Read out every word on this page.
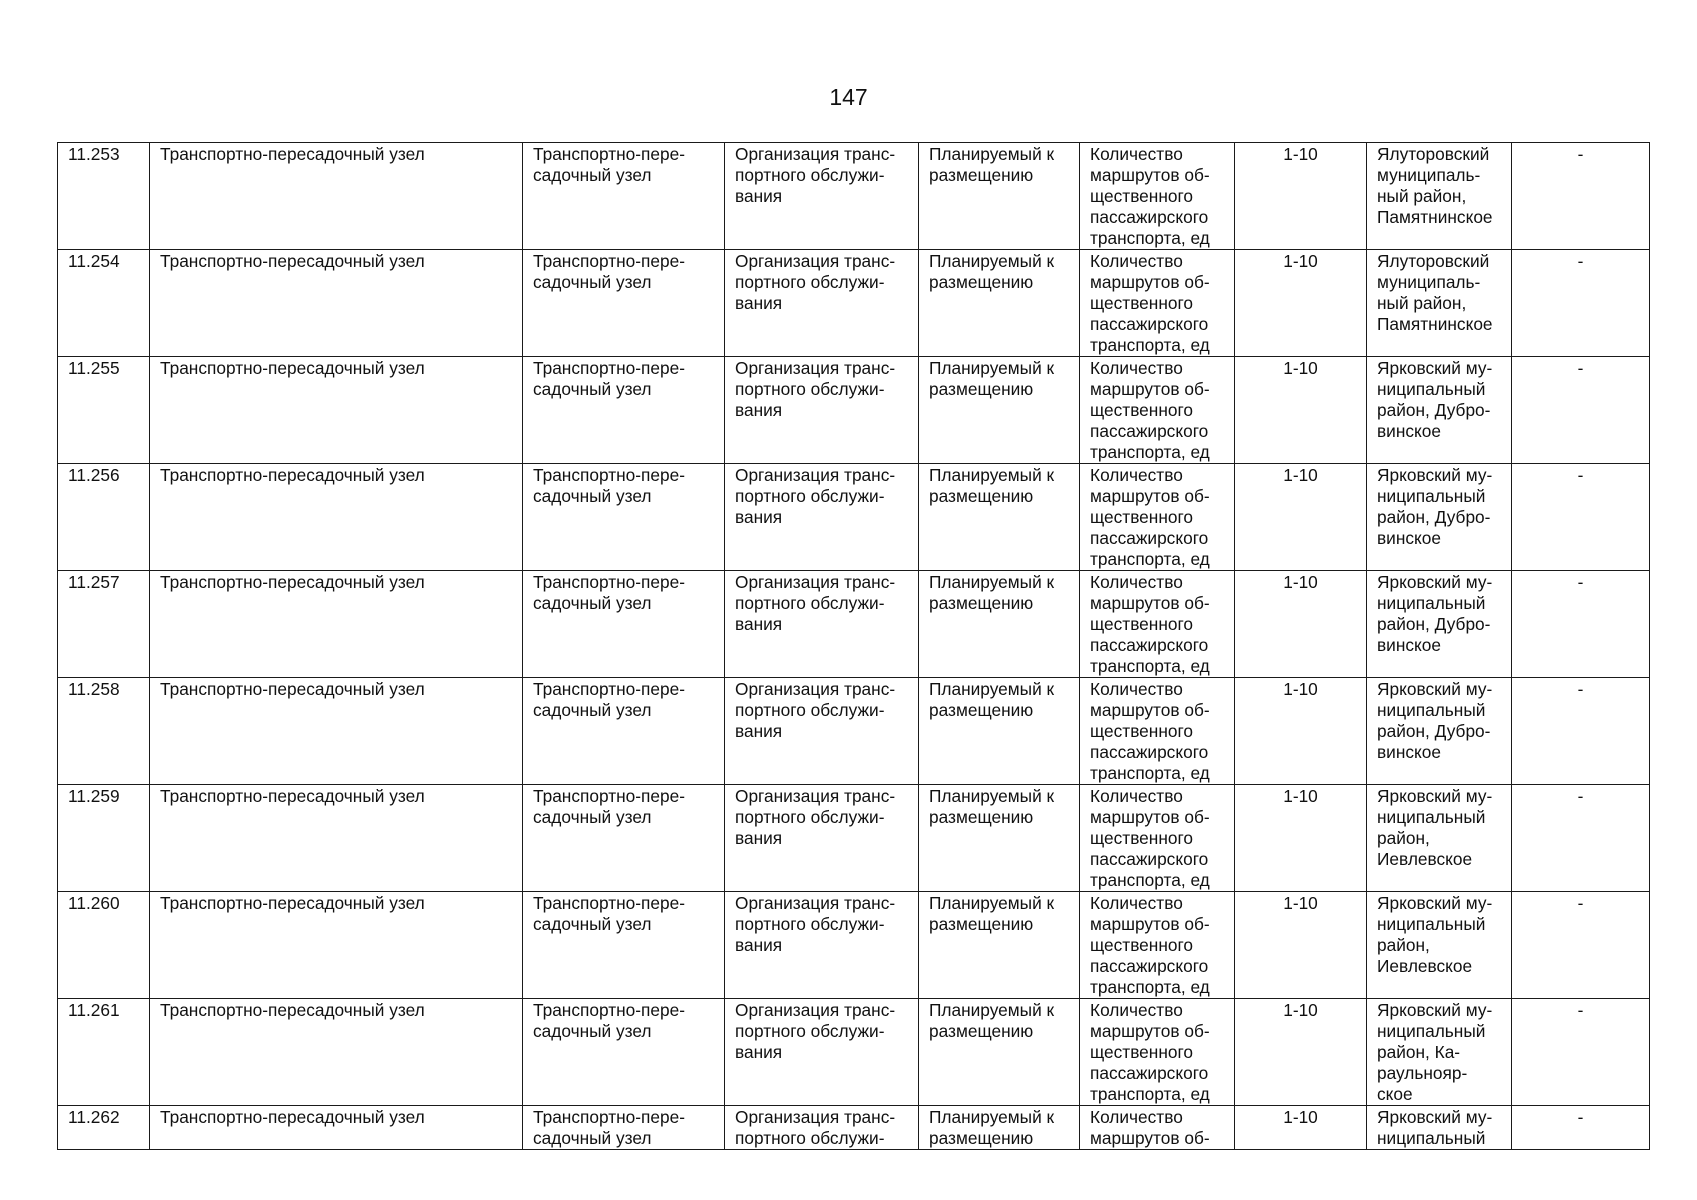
147
11.253	Транспортно-пересадочный узел	Транспортно-пере-
садочный узел	Организация транс-
портного обслужи-
вания	Планируемый к
размещению	Количество
маршрутов об-
щественного
пассажирского
транспорта, ед	1-10	Ялуторовский
муниципаль-
ный район,
Памятнинское	-
11.254	Транспортно-пересадочный узел	Транспортно-пере-
садочный узел	Организация транс-
портного обслужи-
вания	Планируемый к
размещению	Количество
маршрутов об-
щественного
пассажирского
транспорта, ед	1-10	Ялуторовский
муниципаль-
ный район,
Памятнинское	-
11.255	Транспортно-пересадочный узел	Транспортно-пере-
садочный узел	Организация транс-
портного обслужи-
вания	Планируемый к
размещению	Количество
маршрутов об-
щественного
пассажирского
транспорта, ед	1-10	Ярковский му-
ниципальный
район, Дубро-
винское	-
11.256	Транспортно-пересадочный узел	Транспортно-пере-
садочный узел	Организация транс-
портного обслужи-
вания	Планируемый к
размещению	Количество
маршрутов об-
щественного
пассажирского
транспорта, ед	1-10	Ярковский му-
ниципальный
район, Дубро-
винское	-
11.257	Транспортно-пересадочный узел	Транспортно-пере-
садочный узел	Организация транс-
портного обслужи-
вания	Планируемый к
размещению	Количество
маршрутов об-
щественного
пассажирского
транспорта, ед	1-10	Ярковский му-
ниципальный
район, Дубро-
винское	-
11.258	Транспортно-пересадочный узел	Транспортно-пере-
садочный узел	Организация транс-
портного обслужи-
вания	Планируемый к
размещению	Количество
маршрутов об-
щественного
пассажирского
транспорта, ед	1-10	Ярковский му-
ниципальный
район, Дубро-
винское	-
11.259	Транспортно-пересадочный узел	Транспортно-пере-
садочный узел	Организация транс-
портного обслужи-
вания	Планируемый к
размещению	Количество
маршрутов об-
щественного
пассажирского
транспорта, ед	1-10	Ярковский му-
ниципальный
район,
Иевлевское	-
11.260	Транспортно-пересадочный узел	Транспортно-пере-
садочный узел	Организация транс-
портного обслужи-
вания	Планируемый к
размещению	Количество
маршрутов об-
щественного
пассажирского
транспорта, ед	1-10	Ярковский му-
ниципальный
район,
Иевлевское	-
11.261	Транспортно-пересадочный узел	Транспортно-пере-
садочный узел	Организация транс-
портного обслужи-
вания	Планируемый к
размещению	Количество
маршрутов об-
щественного
пассажирского
транспорта, ед	1-10	Ярковский му-
ниципальный
район, Ка-
раульнояр-
ское	-
11.262	Транспортно-пересадочный узел	Транспортно-пере-
садочный узел	Организация транс-
портного обслужи-	Планируемый к
размещению	Количество
маршрутов об-	1-10	Ярковский му-
ниципальный	-
